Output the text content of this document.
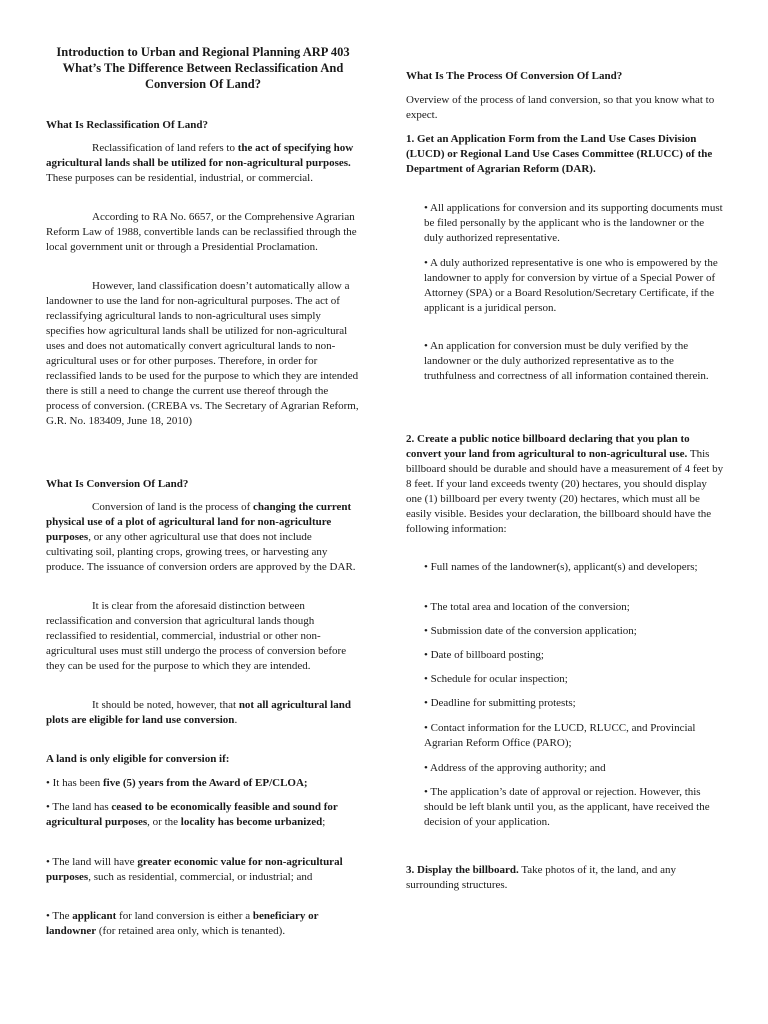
Introduction to Urban and Regional Planning ARP 403 What’s The Difference Between Reclassification And Conversion Of Land?

What Is Reclassification Of Land?

Reclassification of land refers to the act of specifying how agricultural lands shall be utilized for non-agricultural purposes. These purposes can be residential, industrial, or commercial.

According to RA No. 6657, or the Comprehensive Agrarian Reform Law of 1988, convertible lands can be reclassified through the local government unit or through a Presidential Proclamation.

However, land classification doesn’t automatically allow a landowner to use the land for non-agricultural purposes. The act of reclassifying agricultural lands to non-agricultural uses simply specifies how agricultural lands shall be utilized for non-agricultural uses and does not automatically convert agricultural lands to non-agricultural uses or for other purposes. Therefore, in order for reclassified lands to be used for the purpose to which they are intended there is still a need to change the current use thereof through the process of conversion. (CREBA vs. The Secretary of Agrarian Reform, G.R. No. 183409, June 18, 2010)

What Is Conversion Of Land?

Conversion of land is the process of changing the current physical use of a plot of agricultural land for non-agriculture purposes, or any other agricultural use that does not include cultivating soil, planting crops, growing trees, or harvesting any produce. The issuance of conversion orders are approved by the DAR.

It is clear from the aforesaid distinction between reclassification and conversion that agricultural lands though reclassified to residential, commercial, industrial or other non-agricultural uses must still undergo the process of conversion before they can be used for the purpose to which they are intended.

It should be noted, however, that not all agricultural land plots are eligible for land use conversion.

A land is only eligible for conversion if:

• It has been five (5) years from the Award of EP/CLOA;

• The land has ceased to be economically feasible and sound for agricultural purposes, or the locality has become urbanized;

• The land will have greater economic value for non-agricultural purposes, such as residential, commercial, or industrial; and

• The applicant for land conversion is either a beneficiary or landowner (for retained area only, which is tenanted).

What Is The Process Of Conversion Of Land?

Overview of the process of land conversion, so that you know what to expect.

1. Get an Application Form from the Land Use Cases Division (LUCD) or Regional Land Use Cases Committee (RLUCC) of the Department of Agrarian Reform (DAR).

• All applications for conversion and its supporting documents must be filed personally by the applicant who is the landowner or the duly authorized representative.

• A duly authorized representative is one who is empowered by the landowner to apply for conversion by virtue of a Special Power of Attorney (SPA) or a Board Resolution/Secretary Certificate, if the applicant is a juridical person.

• An application for conversion must be duly verified by the landowner or the duly authorized representative as to the truthfulness and correctness of all information contained therein.

2. Create a public notice billboard declaring that you plan to convert your land from agricultural to non-agricultural use. This billboard should be durable and should have a measurement of 4 feet by 8 feet. If your land exceeds twenty (20) hectares, you should display one (1) billboard per every twenty (20) hectares, which must all be easily visible. Besides your declaration, the billboard should have the following information:

• Full names of the landowner(s), applicant(s) and developers;

• The total area and location of the conversion;

• Submission date of the conversion application;

• Date of billboard posting;

• Schedule for ocular inspection;

• Deadline for submitting protests;

• Contact information for the LUCD, RLUCC, and Provincial Agrarian Reform Office (PARO);

• Address of the approving authority; and

• The application’s date of approval or rejection. However, this should be left blank until you, as the applicant, have received the decision of your application.

3. Display the billboard. Take photos of it, the land, and any surrounding structures.
